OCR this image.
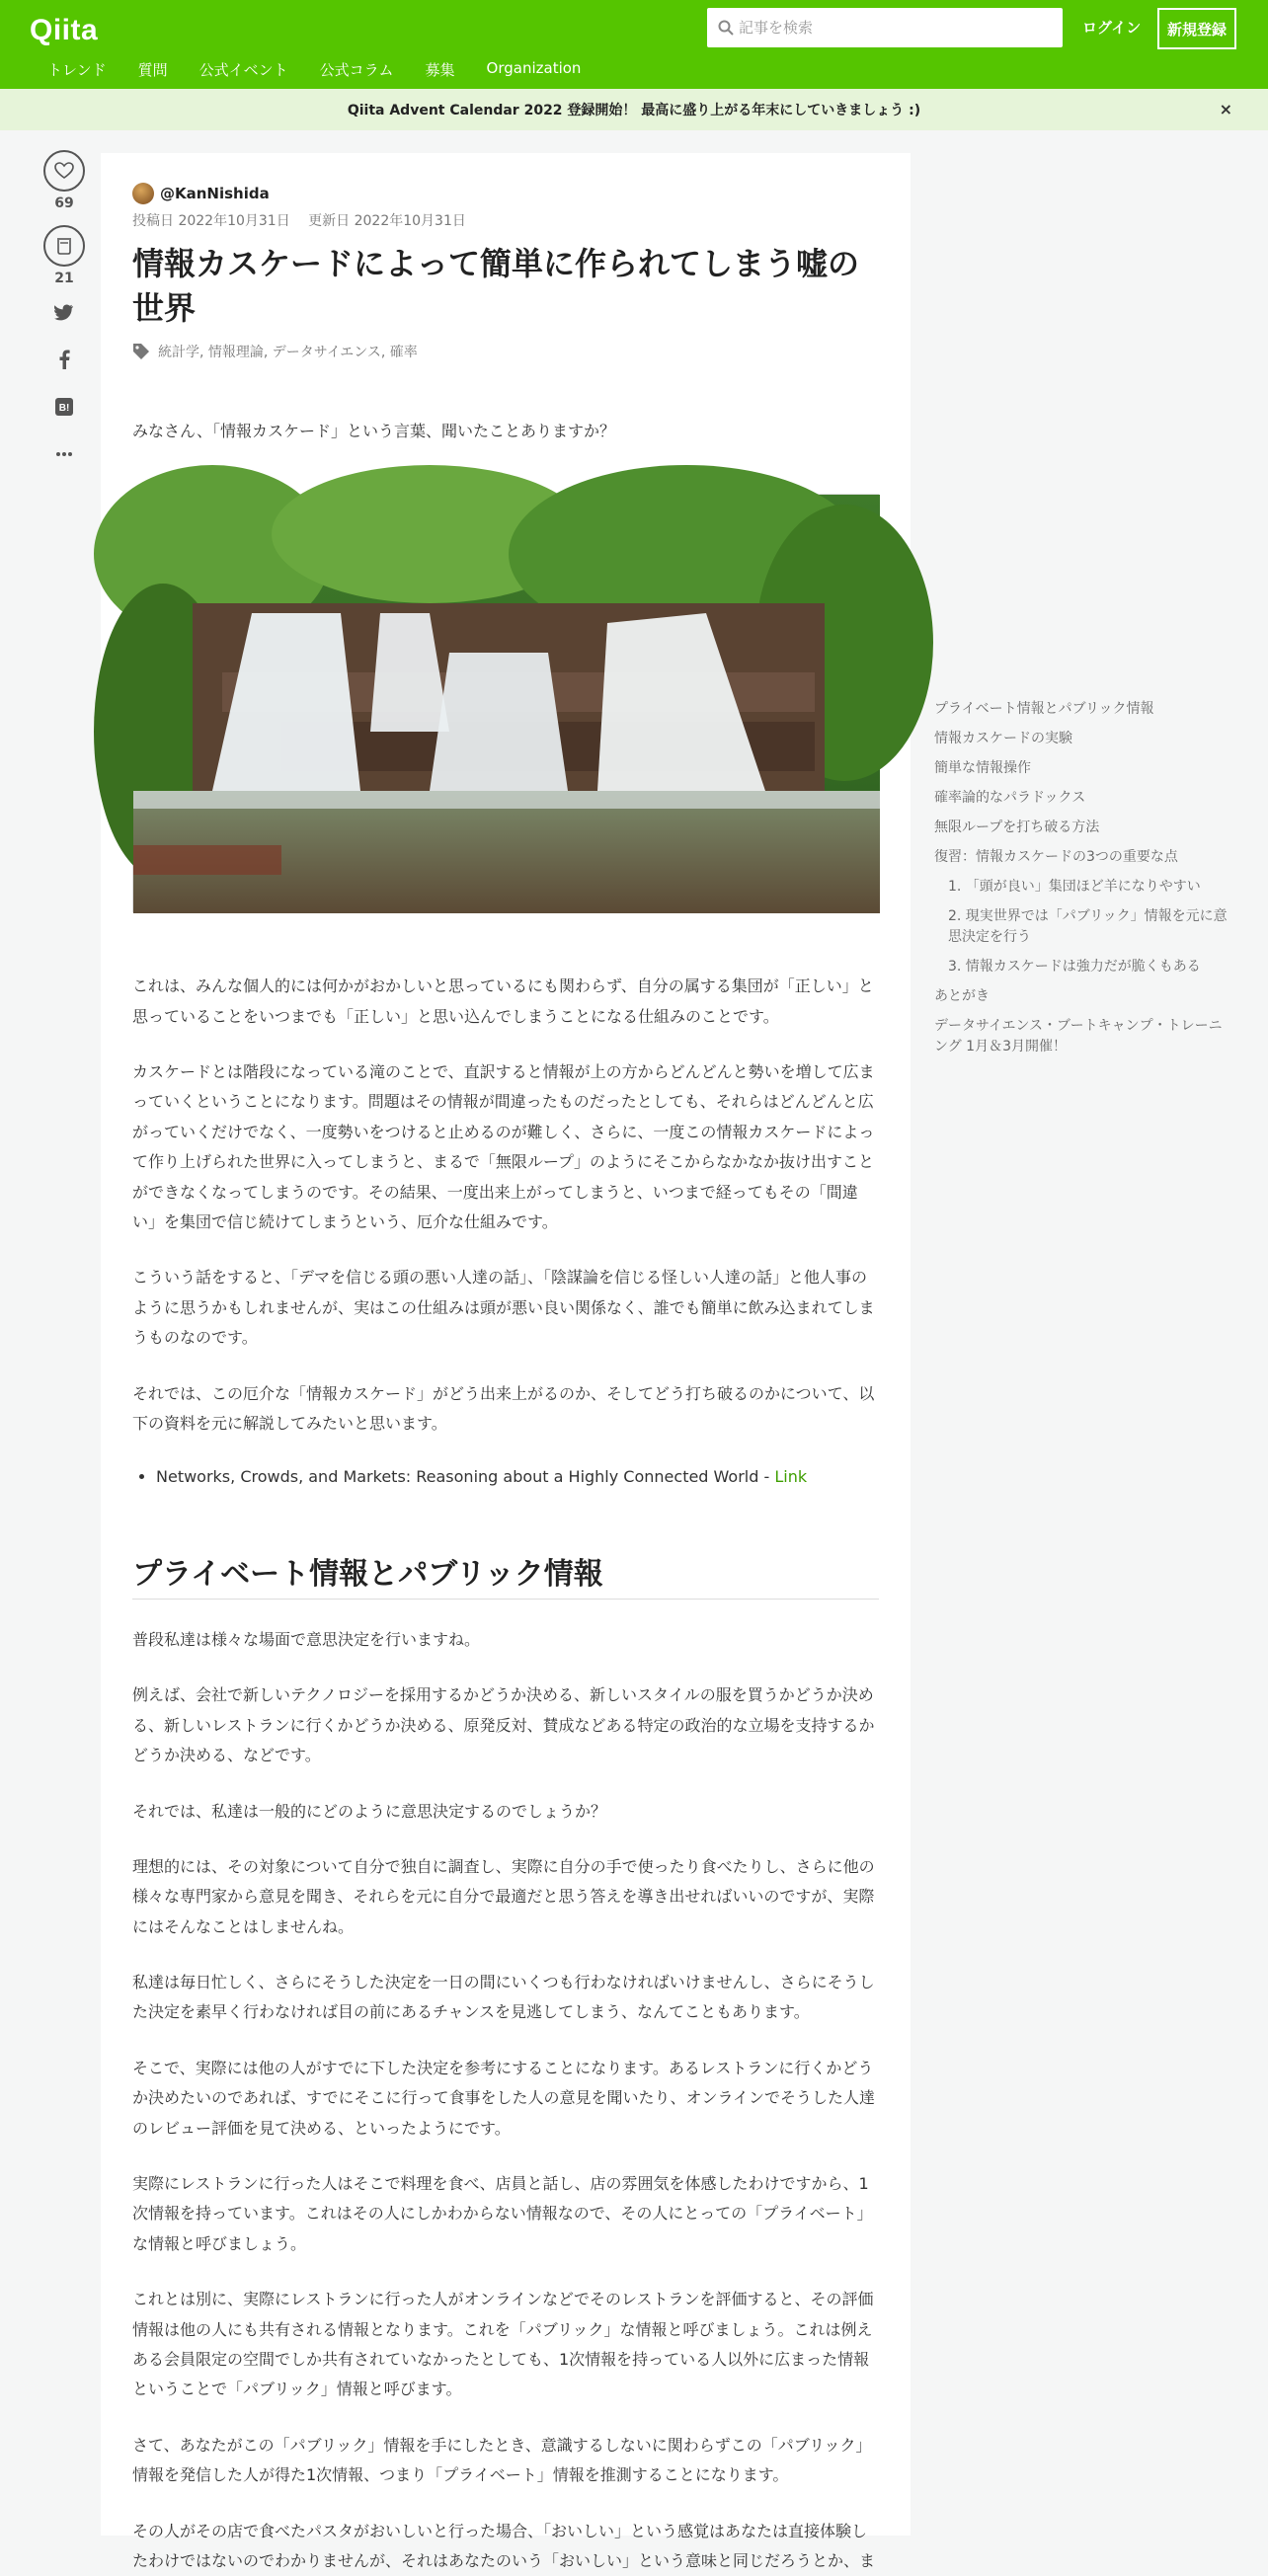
Qiita
記事を検索	ログイン	新規登録
トレンド 質問 公式イベント 公式コラム 募集 Organization
Qiita Advent Calendar 2022 登録開始！ 最高に盛り上がる年末にしていきましょう :)	×
69
21
B!
@KanNishida
投稿日 2022年10月31日　 更新日 2022年10月31日
情報カスケードによって簡単に作られてしまう嘘の世界
統計学, 情報理論, データサイエンス, 確率
みなさん、「情報カスケード」という言葉、聞いたことありますか？
これは、みんな個人的には何かがおかしいと思っているにも関わらず、自分の属する集団が「正しい」と思っていることをいつまでも「正しい」と思い込んでしまうことになる仕組みのことです。
カスケードとは階段になっている滝のことで、直訳すると情報が上の方からどんどんと勢いを増して広まっていくということになります。問題はその情報が間違ったものだったとしても、それらはどんどんと広がっていくだけでなく、一度勢いをつけると止めるのが難しく、さらに、一度この情報カスケードによって作り上げられた世界に入ってしまうと、まるで「無限ループ」のようにそこからなかなか抜け出すことができなくなってしまうのです。その結果、一度出来上がってしまうと、いつまで経ってもその「間違い」を集団で信じ続けてしまうという、厄介な仕組みです。
こういう話をすると、「デマを信じる頭の悪い人達の話」、「陰謀論を信じる怪しい人達の話」と他人事のように思うかもしれませんが、実はこの仕組みは頭が悪い良い関係なく、誰でも簡単に飲み込まれてしまうものなのです。
それでは、この厄介な「情報カスケード」がどう出来上がるのか、そしてどう打ち破るのかについて、以下の資料を元に解説してみたいと思います。
• Networks, Crowds, and Markets: Reasoning about a Highly Connected World - Link
プライベート情報とパブリック情報
普段私達は様々な場面で意思決定を行いますね。
例えば、会社で新しいテクノロジーを採用するかどうか決める、新しいスタイルの服を買うかどうか決める、新しいレストランに行くかどうか決める、原発反対、賛成などある特定の政治的な立場を支持するかどうか決める、などです。
それでは、私達は一般的にどのように意思決定するのでしょうか？
理想的には、その対象について自分で独自に調査し、実際に自分の手で使ったり食べたりし、さらに他の様々な専門家から意見を聞き、それらを元に自分で最適だと思う答えを導き出せればいいのですが、実際にはそんなことはしませんね。
私達は毎日忙しく、さらにそうした決定を一日の間にいくつも行わなければいけませんし、さらにそうした決定を素早く行わなければ目の前にあるチャンスを見逃してしまう、なんてこともあります。
そこで、実際には他の人がすでに下した決定を参考にすることになります。あるレストランに行くかどうか決めたいのであれば、すでにそこに行って食事をした人の意見を聞いたり、オンラインでそうした人達のレビュー評価を見て決める、といったようにです。
実際にレストランに行った人はそこで料理を食べ、店員と話し、店の雰囲気を体感したわけですから、1次情報を持っています。これはその人にしかわからない情報なので、その人にとっての「プライベート」な情報と呼びましょう。
これとは別に、実際にレストランに行った人がオンラインなどでそのレストランを評価すると、その評価情報は他の人にも共有される情報となります。これを「パブリック」な情報と呼びましょう。これは例えある会員限定の空間でしか共有されていなかったとしても、1次情報を持っている人以外に広まった情報ということで「パブリック」情報と呼びます。
さて、あなたがこの「パブリック」情報を手にしたとき、意識するしないに関わらずこの「パブリック」情報を発信した人が得た1次情報、つまり「プライベート」情報を推測することになります。
その人がその店で食べたパスタがおいしいと行った場合、「おいしい」という感覚はあなたは直接体験したわけではないのでわかりませんが、それはあなたのいう「おいしい」という意味と同じだろうとか、ま
プライベート情報とパブリック情報
情報カスケードの実験
簡単な情報操作
確率論的なパラドックス
無限ループを打ち破る方法
復習：情報カスケードの3つの重要な点
1. 「頭が良い」集団ほど羊になりやすい
2. 現実世界では「パブリック」情報を元に意思決定を行う
3. 情報カスケードは強力だが脆くもある
あとがき
データサイエンス・ブートキャンプ・トレーニング 1月＆3月開催！
